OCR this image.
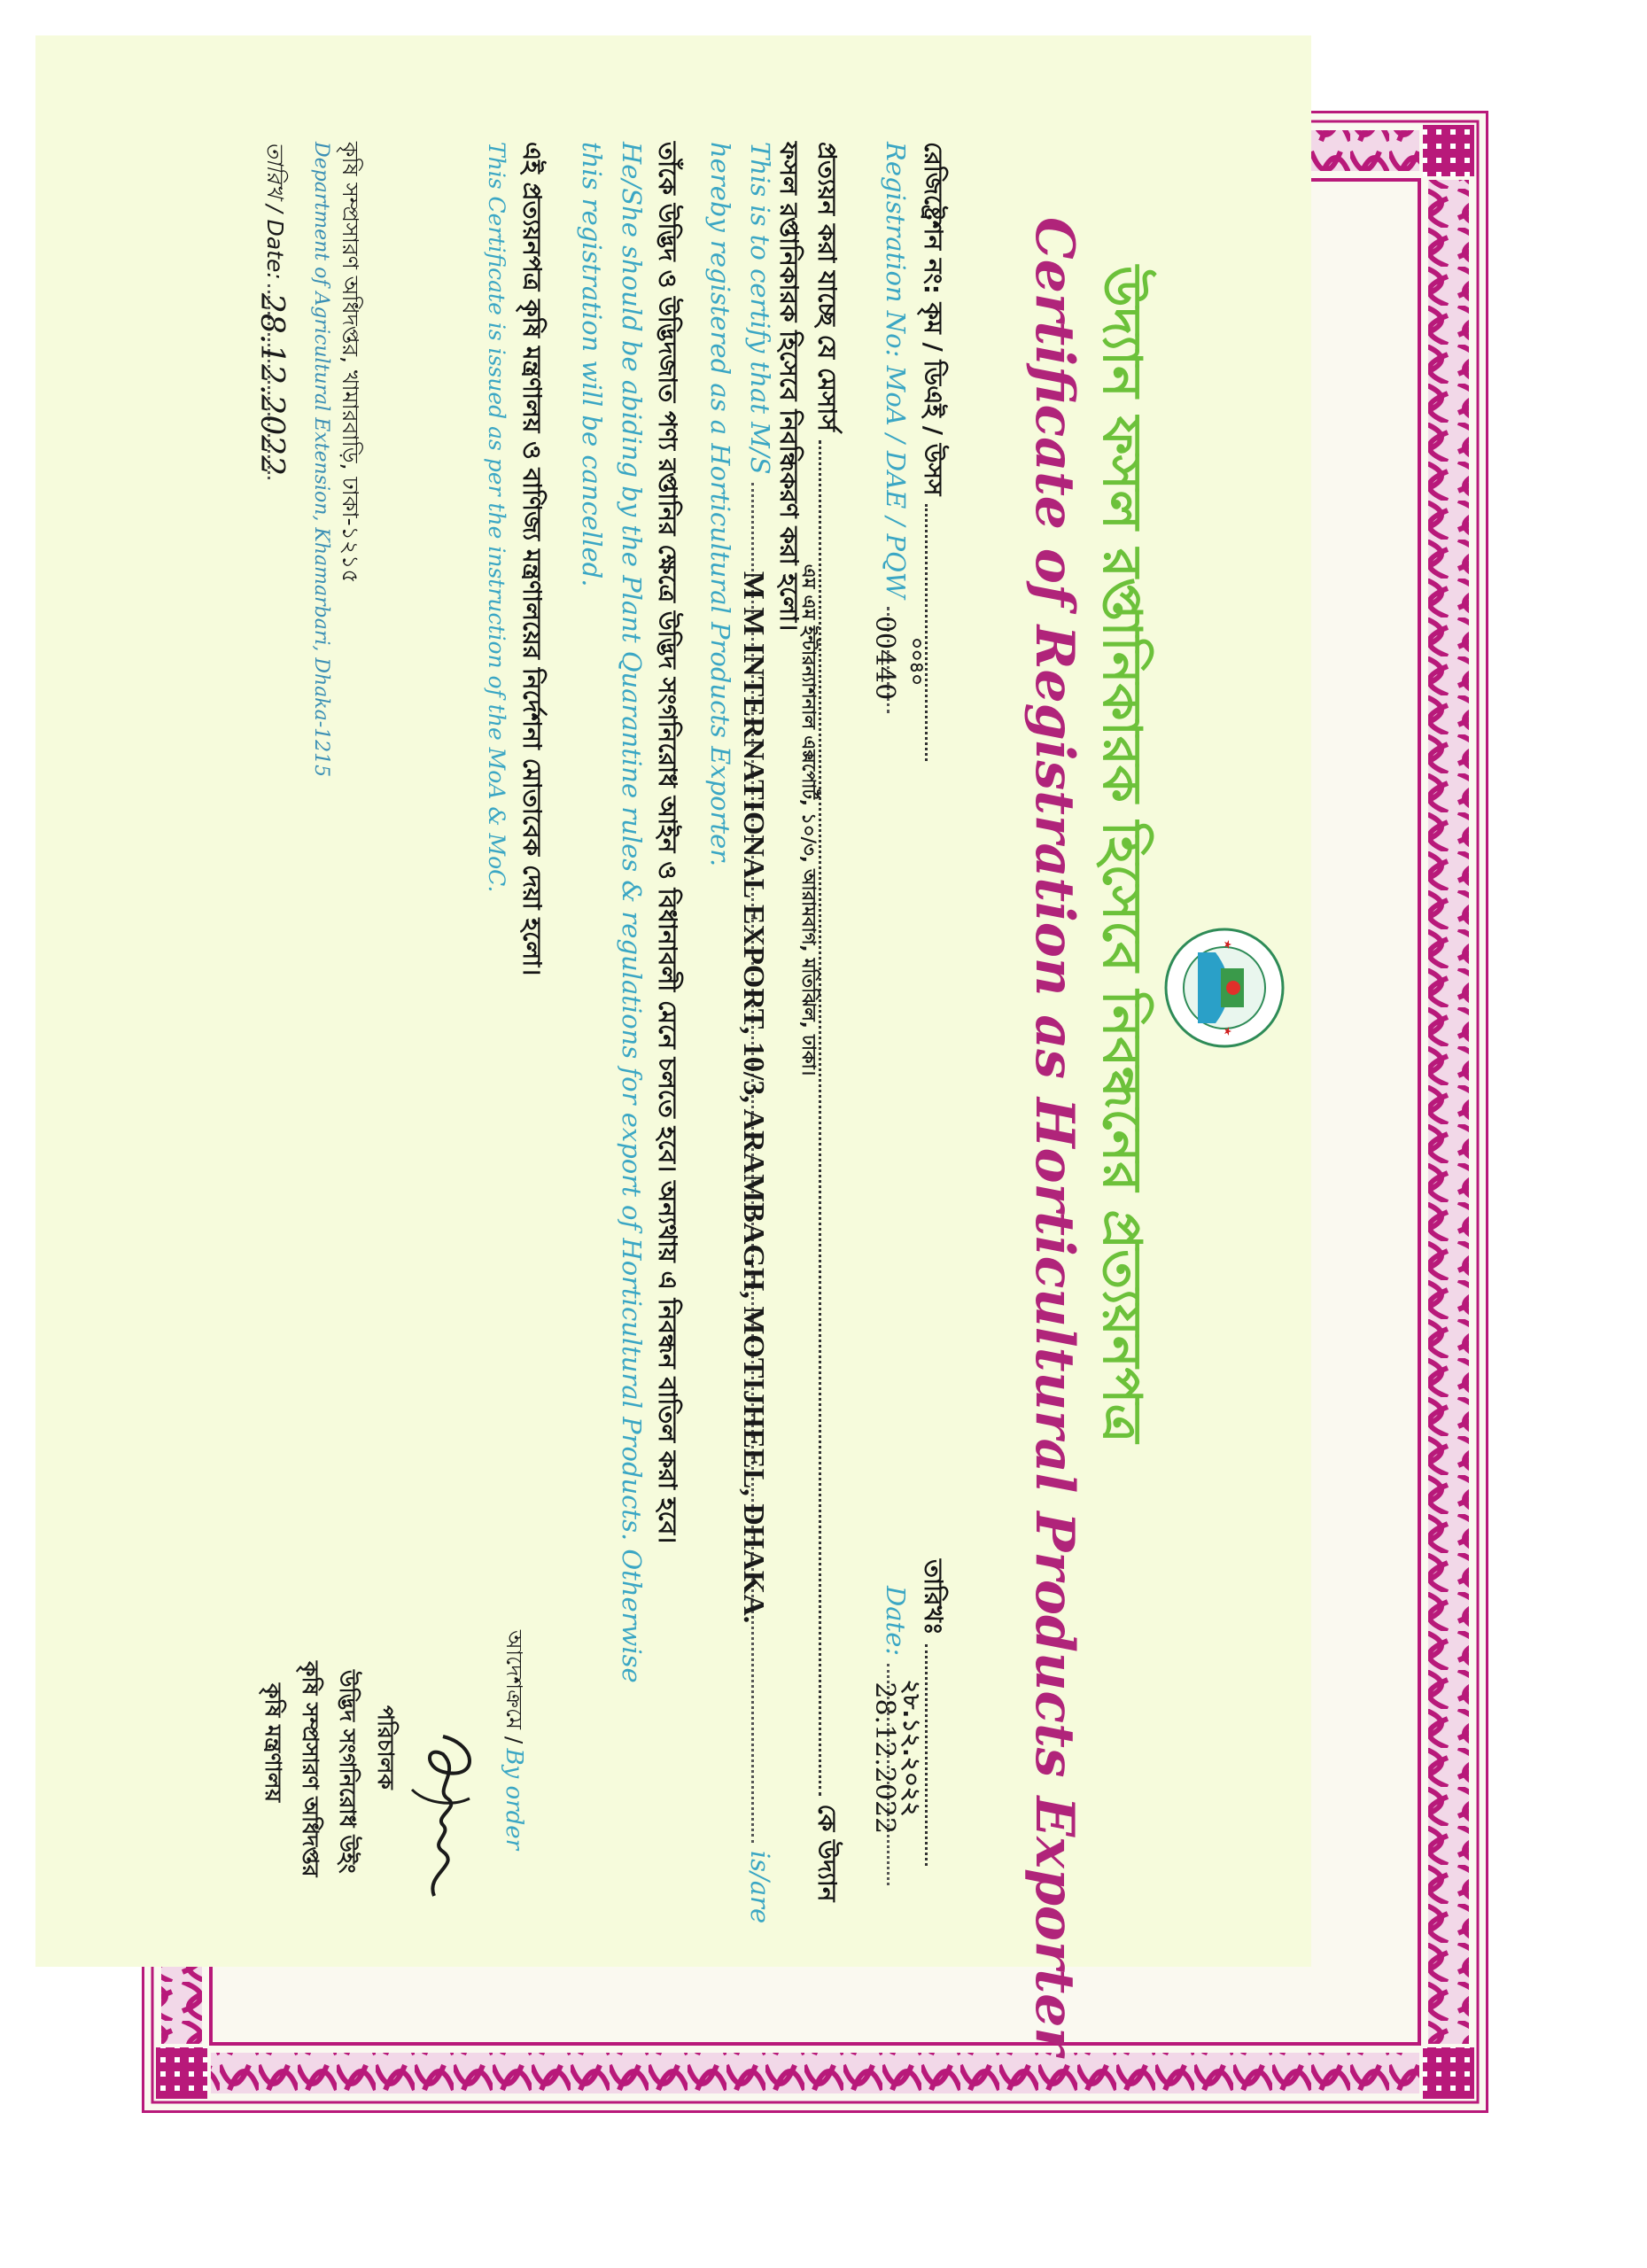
উদ্যান ফসল রপ্তানিকারক হিসেবে নিবন্ধনের প্রত্যয়নপত্র
Certificate of Registration as Horticultural Products Exporter
রেজিষ্ট্রেশন নং: কৃম / ডিএই / উসস
০০৪০
তারিখঃ
২৮.১২.২০২২
Registration No: MoA / DAE / PQW
00440
Date:
28.12.2022
প্রত্যয়ন করা যাচ্ছে যে মেসার্স
এম এম ইন্টারন্যাশনাল এক্সপোর্ট, ১০/৩, আরামবাগ, মতিঝিল, ঢাকা।
কে উদ্যান
ফসল রপ্তানিকারক হিসেবে নিবন্ধিকরণ করা হলো।
This is to certify that M/S
M M INTERNATIONAL EXPORT, 10/3, ARAMBAGH, MOTIJHEEL, DHAKA.
is/are
hereby registered as a Horticultural Products Exporter.
তাঁকে উদ্ভিদ ও উদ্ভিদজাত পণ্য রপ্তানির ক্ষেত্রে উদ্ভিদ সংগনিরোধ আইন ও বিধানাবলী মেনে চলতে হবে। অন্যথায় এ নিবন্ধন বাতিল করা হবে।
He/She should be abiding by the Plant Quarantine rules & regulations for export of Horticultural Products. Otherwise
this registration will be cancelled.
এই প্রত্যয়নপত্র কৃষি মন্ত্রণালয় ও বাণিজ্য মন্ত্রণালয়ের নির্দেশনা মোতাবেক দেয়া হলো।
This Certificate is issued as per the instruction of the MoA & MoC.
কৃষি সম্প্রসারণ অধিদপ্তর, খামারবাড়ি, ঢাকা-১২১৫
Department of Agricultural Extension, Khamarbari, Dhaka-1215
তারিখ / Date:
28.12.2022
আদেশক্রমে / By order
পরিচালক
উদ্ভিদ সংগনিরোধ উইং
কৃষি সম্প্রসারণ অধিদপ্তর
কৃষি মন্ত্রণালয়
